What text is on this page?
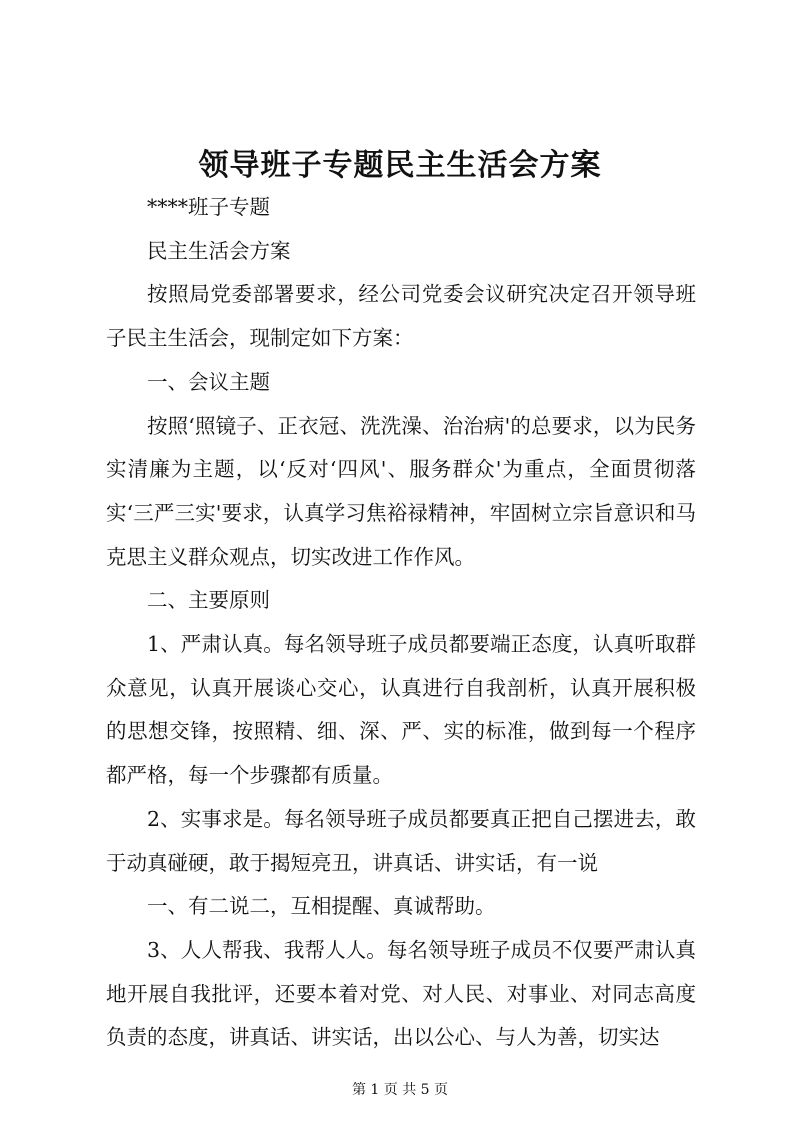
领导班子专题民主生活会方案

****班子专题

民主生活会方案

按照局党委部署要求，经公司党委会议研究决定召开领导班子民主生活会，现制定如下方案：

一、会议主题

按照‘照镜子、正衣冠、洗洗澡、治治病'的总要求，以为民务实清廉为主题，以‘反对‘四风'、服务群众'为重点，全面贯彻落实‘三严三实'要求，认真学习焦裕禄精神，牢固树立宗旨意识和马克思主义群众观点，切实改进工作作风。

二、主要原则

1、严肃认真。每名领导班子成员都要端正态度，认真听取群众意见，认真开展谈心交心，认真进行自我剖析，认真开展积极的思想交锋，按照精、细、深、严、实的标准，做到每一个程序都严格，每一个步骤都有质量。

2、实事求是。每名领导班子成员都要真正把自己摆进去，敢于动真碰硬，敢于揭短亮丑，讲真话、讲实话，有一说

一、有二说二，互相提醒、真诚帮助。

3、人人帮我、我帮人人。每名领导班子成员不仅要严肃认真地开展自我批评，还要本着对党、对人民、对事业、对同志高度负责的态度，讲真话、讲实话，出以公心、与人为善，切实达

第 1 页 共 5 页
